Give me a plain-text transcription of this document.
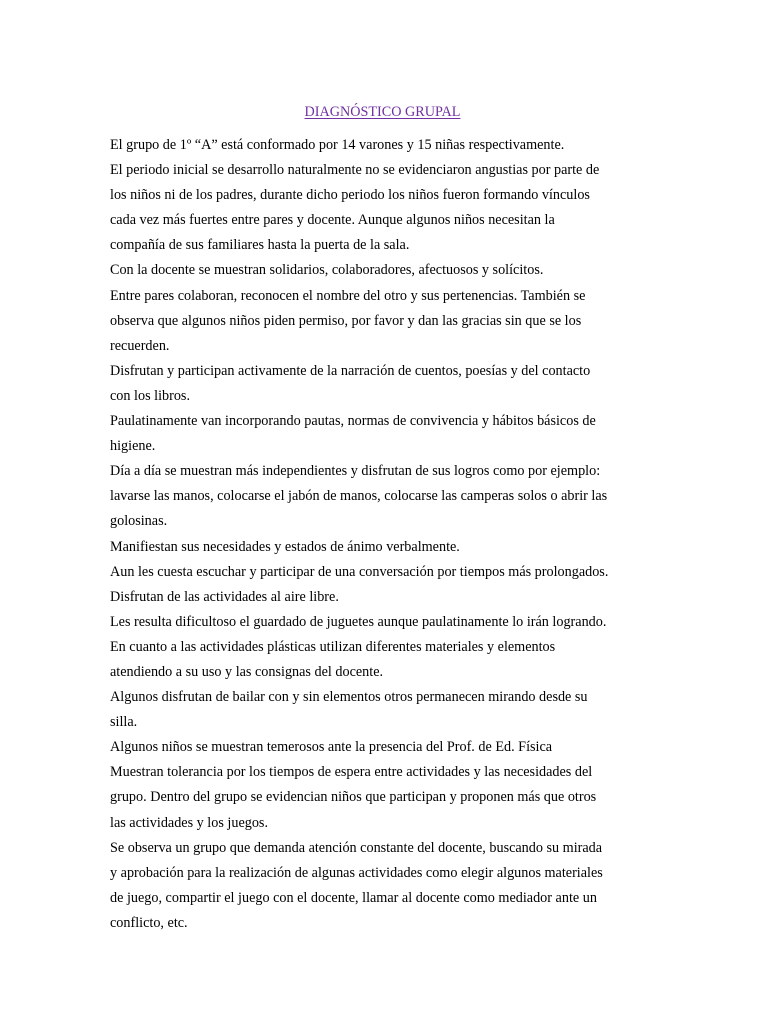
DIAGNÓSTICO GRUPAL
El grupo de 1º “A” está conformado por 14 varones y 15 niñas respectivamente.
El periodo inicial se desarrollo naturalmente no se evidenciaron angustias por parte de
los niños ni de los padres, durante dicho periodo los niños fueron formando vínculos
cada vez más fuertes entre pares y docente. Aunque algunos niños necesitan la
compañía de sus familiares hasta la puerta de la sala.
Con la docente se muestran solidarios, colaboradores, afectuosos y solícitos.
Entre pares colaboran, reconocen el nombre del otro y sus pertenencias. También se
observa que algunos niños piden permiso, por favor y dan las gracias sin que se los
recuerden.
Disfrutan y participan activamente de la narración de cuentos, poesías y del contacto
con los libros.
Paulatinamente van incorporando pautas, normas de convivencia y hábitos básicos de
higiene.
Día a día se muestran más independientes y disfrutan de sus logros como por ejemplo:
lavarse las manos, colocarse el jabón de manos, colocarse las camperas solos o abrir las
golosinas.
Manifiestan sus necesidades y estados de ánimo verbalmente.
Aun les cuesta escuchar y participar de una conversación por tiempos más prolongados.
Disfrutan de las actividades al aire libre.
Les resulta dificultoso el guardado de juguetes aunque paulatinamente lo irán logrando.
En cuanto a las actividades plásticas utilizan diferentes materiales y elementos
atendiendo a su uso y las consignas del docente.
Algunos disfrutan de bailar con y sin elementos otros permanecen mirando desde su
silla.
Algunos niños se muestran temerosos ante la presencia del Prof. de Ed. Física
Muestran tolerancia por los tiempos de espera entre actividades y las necesidades del
grupo. Dentro del grupo se evidencian niños que participan y proponen más que otros
las actividades y los juegos.
Se observa un grupo que demanda atención constante del docente, buscando su mirada
y aprobación para la realización de algunas actividades como elegir algunos materiales
de juego, compartir el juego con el docente, llamar al docente como mediador ante un
conflicto, etc.
